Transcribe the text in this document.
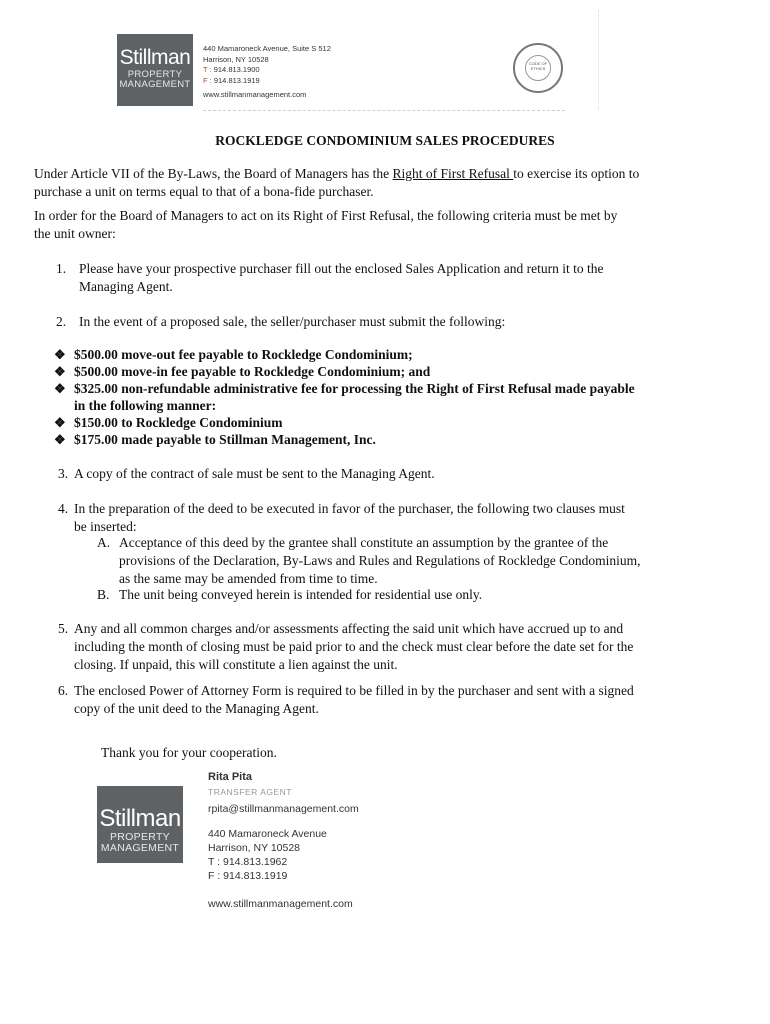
Stillman
PROPERTY
MANAGEMENT
440 Mamaroneck Avenue, Suite S 512
Harrison, NY 10528
T : 914.813.1900
F : 914.813.1919
www.stillmanmanagement.com
CODE OF ETHICS
ROCKLEDGE CONDOMINIUM SALES PROCEDURES
Under Article VII of the By-Laws, the Board of Managers has the Right of First Refusal to exercise its option to
purchase a unit on terms equal to that of a bona-fide purchaser.
In order for the Board of Managers to act on its Right of First Refusal, the following criteria must be met by
the unit owner:
1. Please have your prospective purchaser fill out the enclosed Sales Application and return it to the
Managing Agent.
2. In the event of a proposed sale, the seller/purchaser must submit the following:
❖ $500.00 move-out fee payable to Rockledge Condominium;
❖ $500.00 move-in fee payable to Rockledge Condominium; and
❖ $325.00 non-refundable administrative fee for processing the Right of First Refusal made payable
in the following manner:
❖ $150.00 to Rockledge Condominium
❖ $175.00 made payable to Stillman Management, Inc.
3. A copy of the contract of sale must be sent to the Managing Agent.
4. In the preparation of the deed to be executed in favor of the purchaser, the following two clauses must
be inserted:
A. Acceptance of this deed by the grantee shall constitute an assumption by the grantee of the
provisions of the Declaration, By-Laws and Rules and Regulations of Rockledge Condominium,
as the same may be amended from time to time.
B. The unit being conveyed herein is intended for residential use only.
5. Any and all common charges and/or assessments affecting the said unit which have accrued up to and
including the month of closing must be paid prior to and the check must clear before the date set for the
closing. If unpaid, this will constitute a lien against the unit.
6. The enclosed Power of Attorney Form is required to be filled in by the purchaser and sent with a signed
copy of the unit deed to the Managing Agent.
Thank you for your cooperation.
Stillman
PROPERTY
MANAGEMENT
Rita Pita
TRANSFER AGENT
rpita@stillmanmanagement.com
440 Mamaroneck Avenue
Harrison, NY 10528
T : 914.813.1962
F : 914.813.1919
www.stillmanmanagement.com
